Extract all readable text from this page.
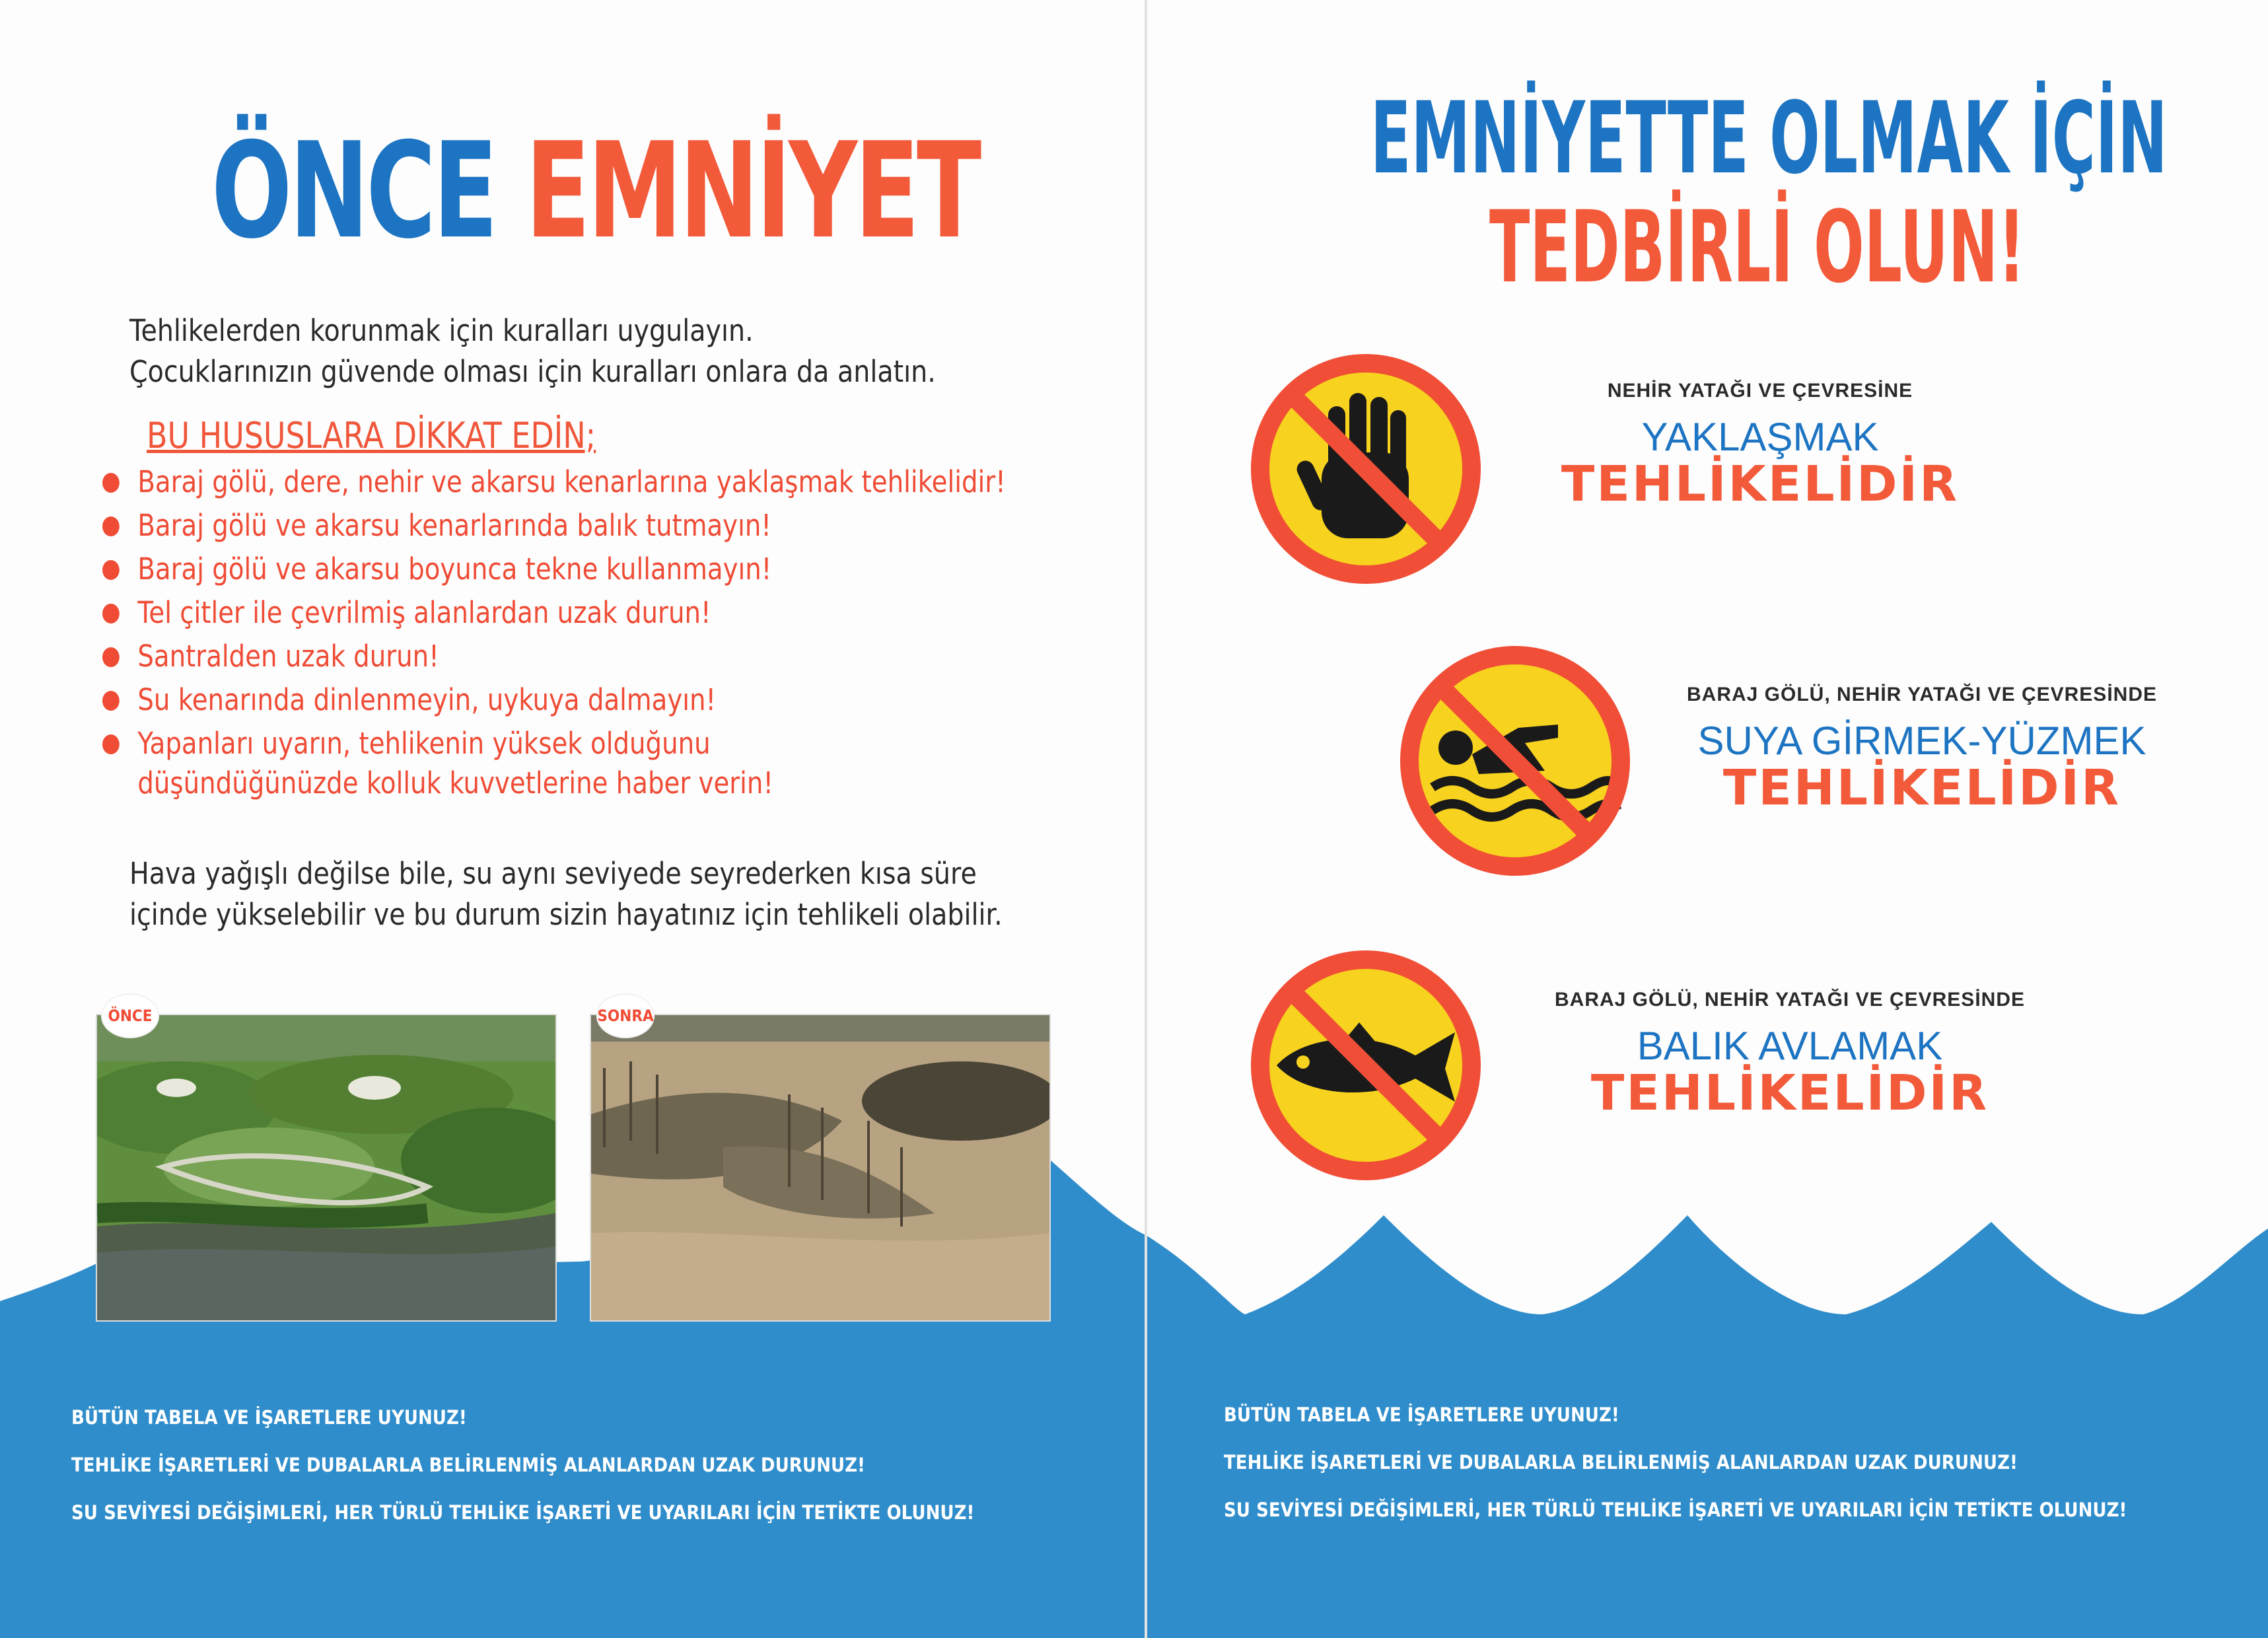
ÖNCE EMNİYET
Tehlikelerden korunmak için kuralları uygulayın.
Çocuklarınızın güvende olması için kuralları onlara da anlatın.
BU HUSUSLARA DİKKAT EDİN;
Baraj gölü, dere, nehir ve akarsu kenarlarına yaklaşmak tehlikelidir!
Baraj gölü ve akarsu kenarlarında balık tutmayın!
Baraj gölü ve akarsu boyunca tekne kullanmayın!
Tel çitler ile çevrilmiş alanlardan uzak durun!
Santralden uzak durun!
Su kenarında dinlenmeyin, uykuya dalmayın!
Yapanları uyarın, tehlikenin yüksek olduğunu düşündüğünüzde kolluk kuvvetlerine haber verin!
Hava yağışlı değilse bile, su aynı seviyede seyrederken kısa süre
içinde yükselebilir ve bu durum sizin hayatınız için tehlikeli olabilir.
ÖNCE	SONRA
BÜTÜN TABELA VE İŞARETLERE UYUNUZ!
TEHLİKE İŞARETLERİ VE DUBALARLA BELİRLENMİŞ ALANLARDAN UZAK DURUNUZ!
SU SEVİYESİ DEĞİŞİMLERİ, HER TÜRLÜ TEHLİKE İŞARETİ VE UYARILARI İÇİN TETİKTE OLUNUZ!
EMNİYETTE OLMAK İÇİN
TEDBİRLİ OLUN!
NEHİR YATAĞI VE ÇEVRESİNE
YAKLAŞMAK
TEHLİKELİDİR
BARAJ GÖLÜ, NEHİR YATAĞI VE ÇEVRESİNDE
SUYA GİRMEK-YÜZMEK
TEHLİKELİDİR
BARAJ GÖLÜ, NEHİR YATAĞI VE ÇEVRESİNDE
BALIK AVLAMAK
TEHLİKELİDİR
BÜTÜN TABELA VE İŞARETLERE UYUNUZ!
TEHLİKE İŞARETLERİ VE DUBALARLA BELİRLENMİŞ ALANLARDAN UZAK DURUNUZ!
SU SEVİYESİ DEĞİŞİMLERİ, HER TÜRLÜ TEHLİKE İŞARETİ VE UYARILARI İÇİN TETİKTE OLUNUZ!
